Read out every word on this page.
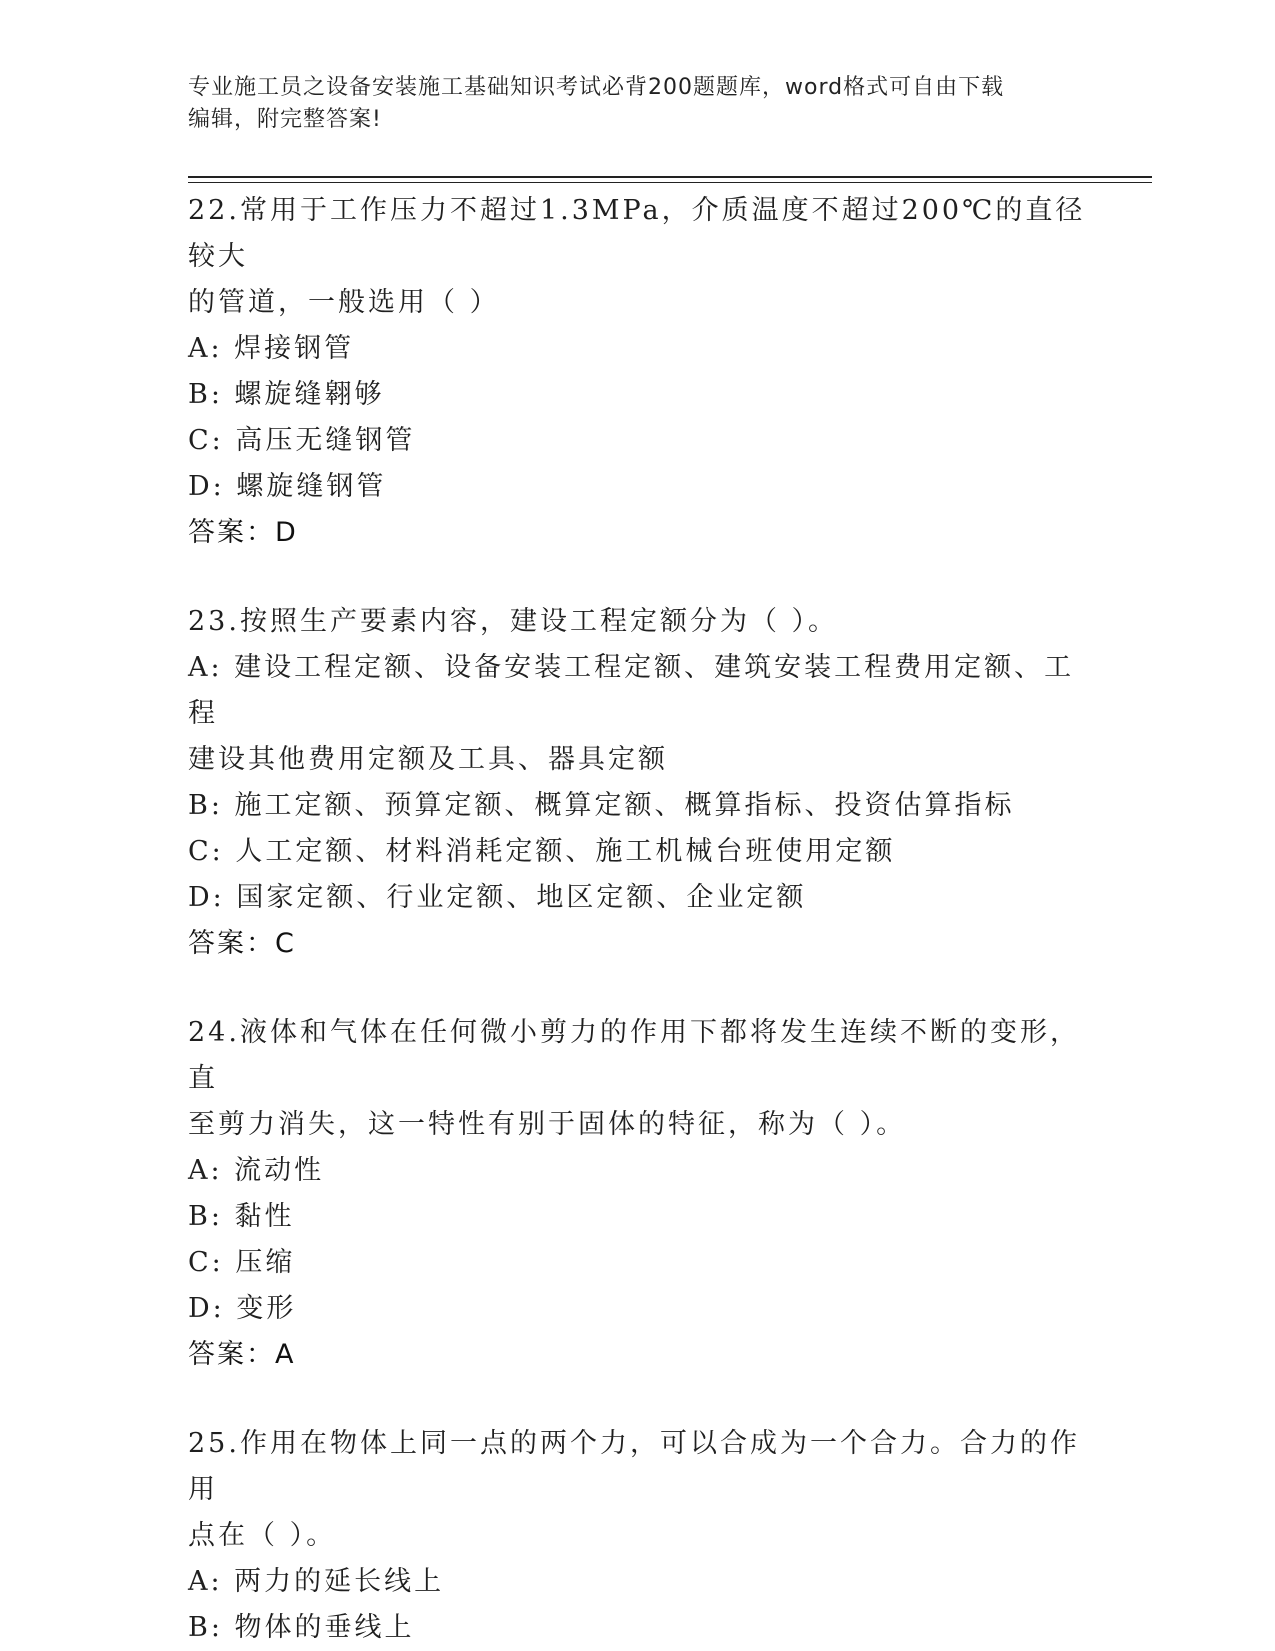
专业施工员之设备安装施工基础知识考试必背200题题库，word格式可自由下载
编辑，附完整答案!
22.常用于工作压力不超过1.3MPa，介质温度不超过200℃的直径较大
的管道，一般选用（ ）
A: 焊接钢管
B: 螺旋缝翱够
C: 高压无缝钢管
D: 螺旋缝钢管
答案：D
23.按照生产要素内容，建设工程定额分为（ ）。
A: 建设工程定额、设备安装工程定额、建筑安装工程费用定额、工程
建设其他费用定额及工具、器具定额
B: 施工定额、预算定额、概算定额、概算指标、投资估算指标
C: 人工定额、材料消耗定额、施工机械台班使用定额
D: 国家定额、行业定额、地区定额、企业定额
答案：C
24.液体和气体在任何微小剪力的作用下都将发生连续不断的变形，直
至剪力消失，这一特性有别于固体的特征，称为（ ）。
A: 流动性
B: 黏性
C: 压缩
D: 变形
答案：A
25.作用在物体上同一点的两个力，可以合成为一个合力。合力的作用
点在（ ）。
A: 两力的延长线上
B: 物体的垂线上
